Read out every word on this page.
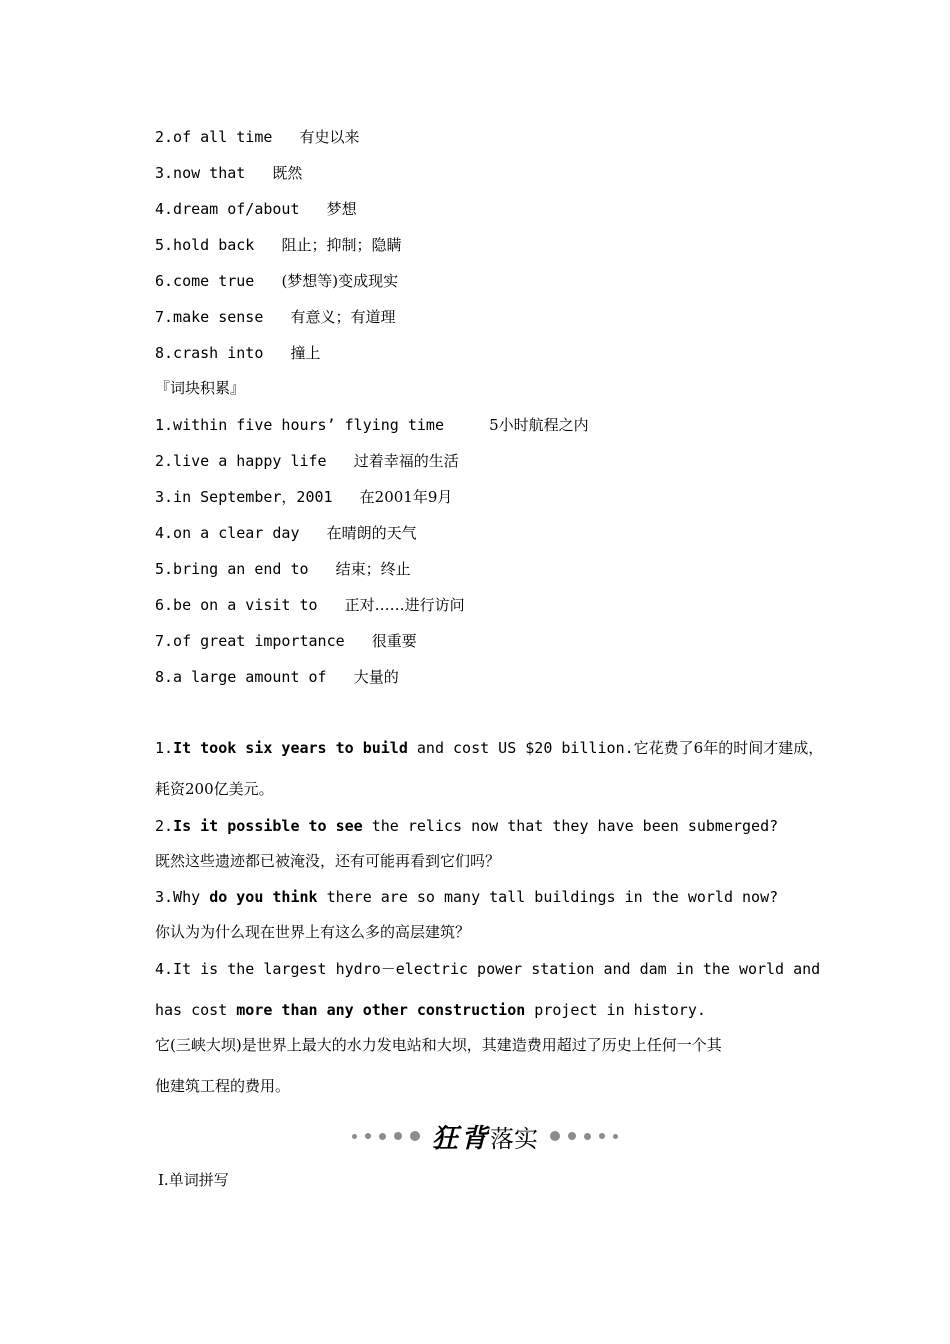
2.of all time 有史以来
3.now that 既然
4.dream of/about 梦想
5.hold back 阻止；抑制；隐瞒
6.come true (梦想等)变成现实
7.make sense 有意义；有道理
8.crash into 撞上
『词块积累』
1.within five hours’ flying time	5小时航程之内
2.live a happy life 过着幸福的生活
3.in September，2001 在2001年9月
4.on a clear day 在晴朗的天气
5.bring an end to 结束；终止
6.be on a visit to 正对……进行访问
7.of great importance 很重要
8.a large amount of 大量的
1.It took six years to build and cost US $20 billion.它花费了6年的时间才建成，
耗资200亿美元。
2.Is it possible to see the relics now that they have been submerged?
既然这些遗迹都已被淹没，还有可能再看到它们吗？
3.Why do you think there are so many tall buildings in the world now?
你认为为什么现在世界上有这么多的高层建筑？
4.It is the largest hydro－electric power station and dam in the world and
has cost more than any other construction project in history.
它(三峡大坝)是世界上最大的水力发电站和大坝，其建造费用超过了历史上任何一个其
他建筑工程的费用。
狂背 落实
Ⅰ.单词拼写
